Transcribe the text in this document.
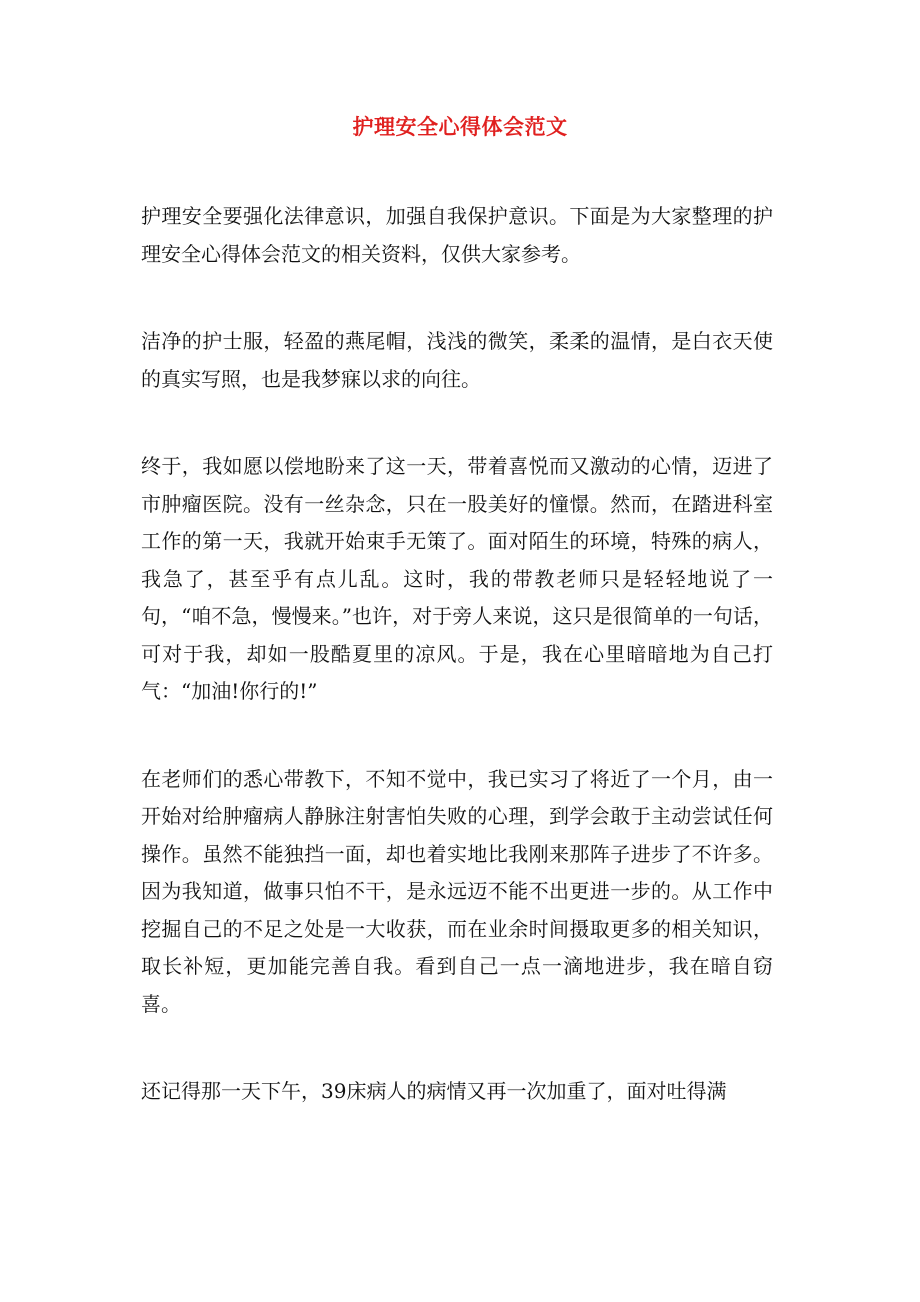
护理安全心得体会范文

护理安全要强化法律意识，加强自我保护意识。下面是为大家整理的护理安全心得体会范文的相关资料，仅供大家参考。

洁净的护士服，轻盈的燕尾帽，浅浅的微笑，柔柔的温情，是白衣天使的真实写照，也是我梦寐以求的向往。

终于，我如愿以偿地盼来了这一天，带着喜悦而又激动的心情，迈进了市肿瘤医院。没有一丝杂念，只在一股美好的憧憬。然而，在踏进科室工作的第一天，我就开始束手无策了。面对陌生的环境，特殊的病人，我急了，甚至乎有点儿乱。这时，我的带教老师只是轻轻地说了一句，“咱不急，慢慢来。”也许，对于旁人来说，这只是很简单的一句话，可对于我，却如一股酷夏里的凉风。于是，我在心里暗暗地为自己打气：“加油!你行的!”

在老师们的悉心带教下，不知不觉中，我已实习了将近了一个月，由一开始对给肿瘤病人静脉注射害怕失败的心理，到学会敢于主动尝试任何操作。虽然不能独挡一面，却也着实地比我刚来那阵子进步了不许多。因为我知道，做事只怕不干，是永远迈不能不出更进一步的。从工作中挖掘自己的不足之处是一大收获，而在业余时间摄取更多的相关知识，取长补短，更加能完善自我。看到自己一点一滴地进步，我在暗自窃喜。

还记得那一天下午，39床病人的病情又再一次加重了，面对吐得满
